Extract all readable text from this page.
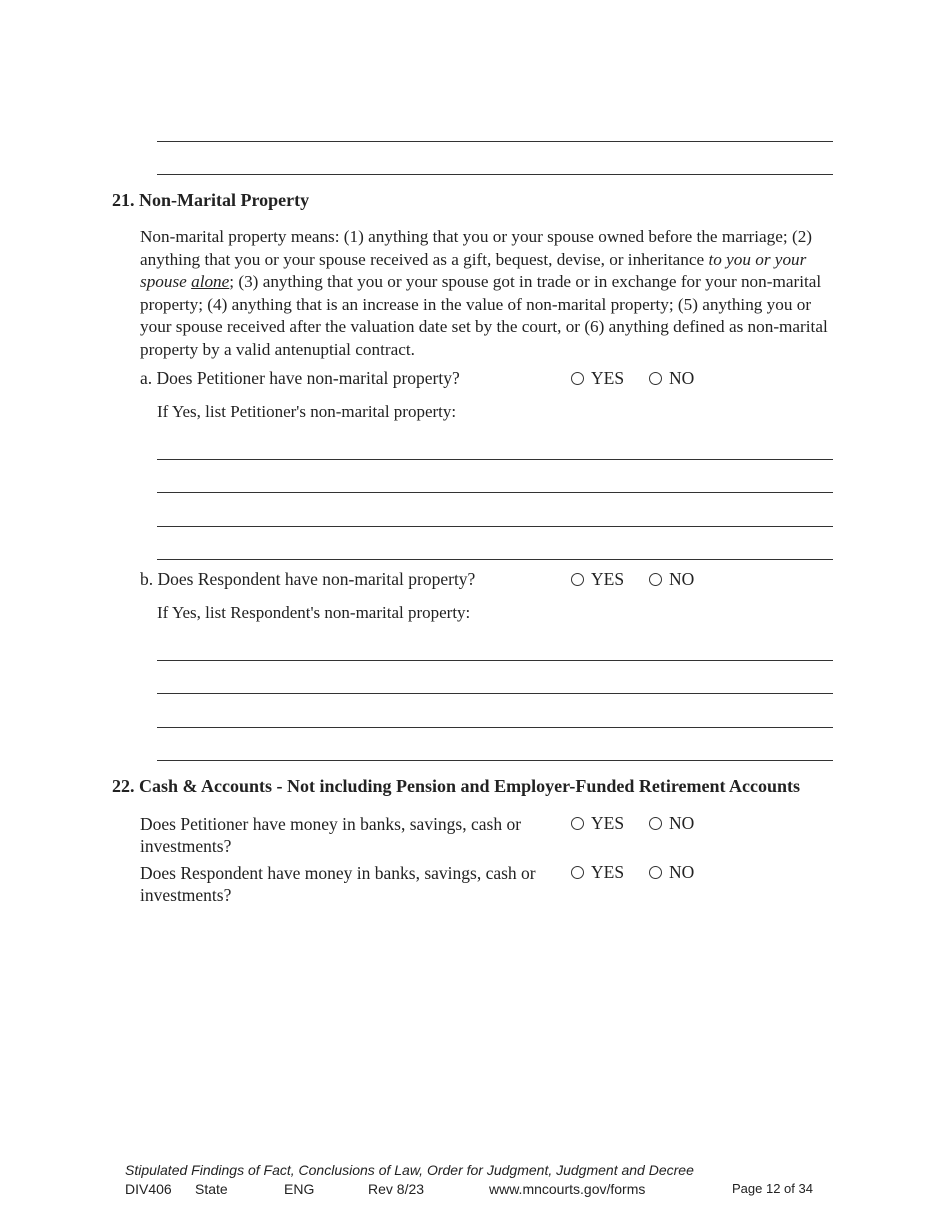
21. Non-Marital Property
Non-marital property means: (1) anything that you or your spouse owned before the marriage; (2) anything that you or your spouse received as a gift, bequest, devise, or inheritance to you or your spouse alone; (3) anything that you or your spouse got in trade or in exchange for your non-marital property; (4) anything that is an increase in the value of non-marital property; (5) anything you or your spouse received after the valuation date set by the court, or (6) anything defined as non-marital property by a valid antenuptial contract.
a. Does Petitioner have non-marital property?	YES	NO
If Yes, list Petitioner's non-marital property:
b. Does Respondent have non-marital property?	YES	NO
If Yes, list Respondent's non-marital property:
22. Cash & Accounts - Not including Pension and Employer-Funded Retirement Accounts
Does Petitioner have money in banks, savings, cash or investments?
YES	NO
Does Respondent have money in banks, savings, cash or investments?
YES	NO
Stipulated Findings of Fact, Conclusions of Law, Order for Judgment, Judgment and Decree
DIV406 State	ENG	Rev 8/23	www.mncourts.gov/forms	Page 12 of 34
